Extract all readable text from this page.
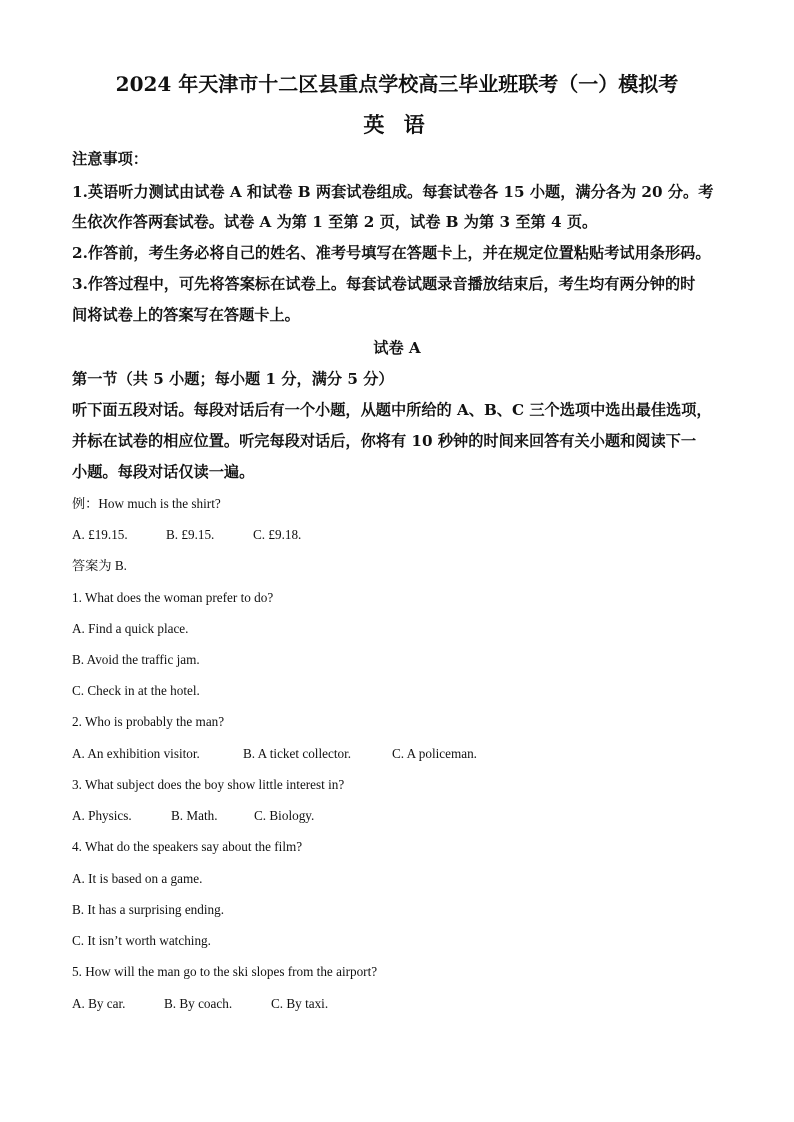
2024 年天津市十二区县重点学校高三毕业班联考（一）模拟考
英 语
注意事项：
1.英语听力测试由试卷 A 和试卷 B 两套试卷组成。每套试卷各 15 小题，满分各为 20 分。考
生依次作答两套试卷。试卷 A 为第 1 至第 2 页，试卷 B 为第 3 至第 4 页。
2.作答前，考生务必将自己的姓名、准考号填写在答题卡上，并在规定位置粘贴考试用条形码。
3.作答过程中，可先将答案标在试卷上。每套试卷试题录音播放结束后，考生均有两分钟的时
间将试卷上的答案写在答题卡上。
试卷 A
第一节（共 5 小题；每小题 1 分，满分 5 分）
听下面五段对话。每段对话后有一个小题，从题中所给的 A、B、C 三个选项中选出最佳选项，
并标在试卷的相应位置。听完每段对话后，你将有 10 秒钟的时间来回答有关小题和阅读下一
小题。每段对话仅读一遍。
例：How much is the shirt?
A. £19.15.	B. £9.15.	C. £9.18.
答案为 B.
1. What does the woman prefer to do?
A. Find a quick place.
B. Avoid the traffic jam.
C. Check in at the hotel.
2. Who is probably the man?
A. An exhibition visitor.	B. A ticket collector.	C. A policeman.
3. What subject does the boy show little interest in?
A. Physics.	B. Math.	C. Biology.
4. What do the speakers say about the film?
A. It is based on a game.
B. It has a surprising ending.
C. It isn’t worth watching.
5. How will the man go to the ski slopes from the airport?
A. By car.	B. By coach.	C. By taxi.
